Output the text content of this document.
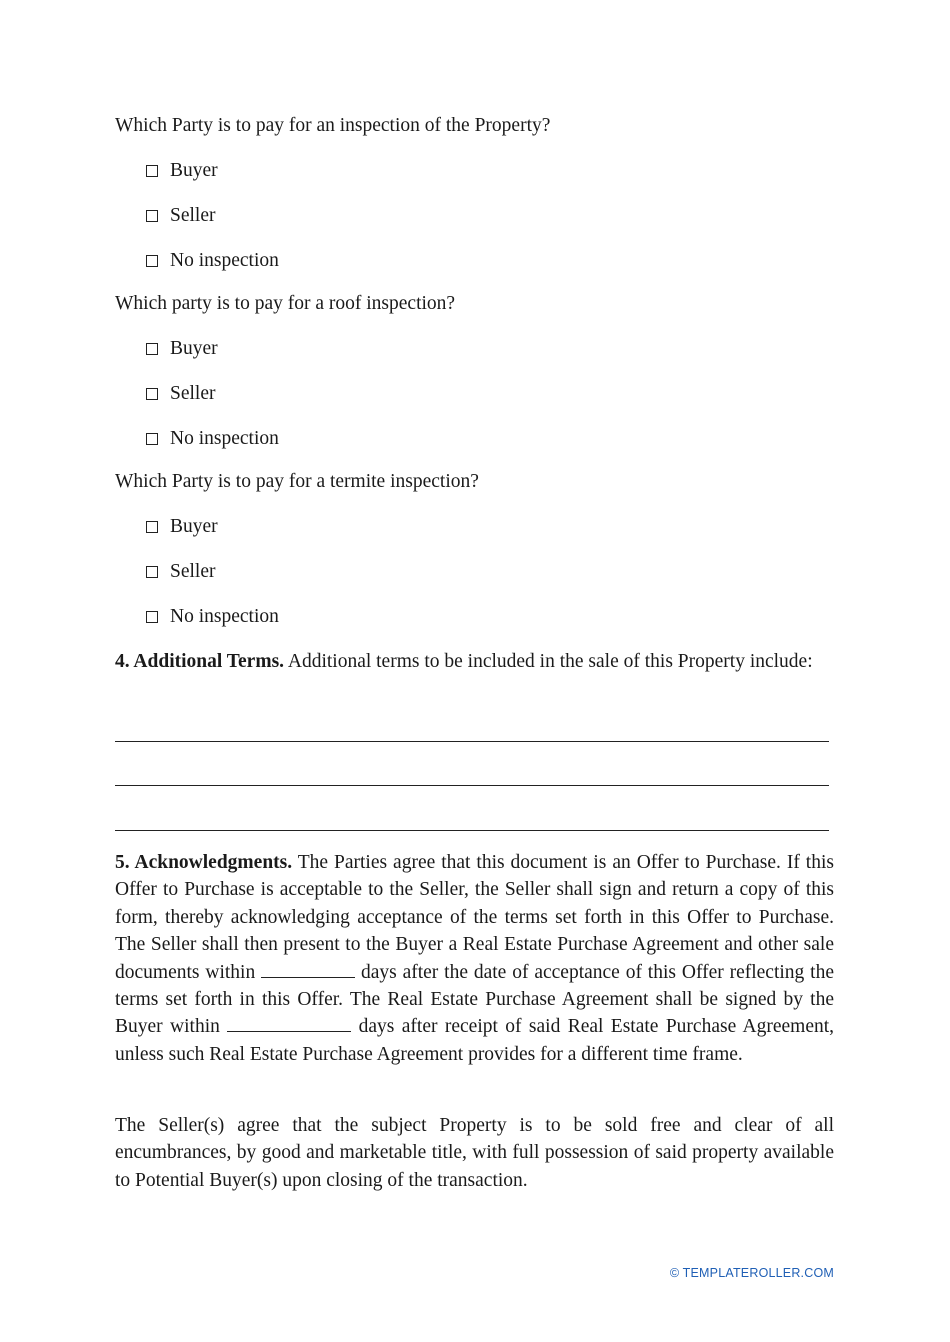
Which Party is to pay for an inspection of the Property?
Buyer
Seller
No inspection
Which party is to pay for a roof inspection?
Buyer
Seller
No inspection
Which Party is to pay for a termite inspection?
Buyer
Seller
No inspection
4. Additional Terms. Additional terms to be included in the sale of this Property include:
5. Acknowledgments. The Parties agree that this document is an Offer to Purchase. If this Offer to Purchase is acceptable to the Seller, the Seller shall sign and return a copy of this form, thereby acknowledging acceptance of the terms set forth in this Offer to Purchase. The Seller shall then present to the Buyer a Real Estate Purchase Agreement and other sale documents within	days after the date of acceptance of this Offer reflecting the terms set forth in this Offer. The Real Estate Purchase Agreement shall be signed by the Buyer within	days after receipt of said Real Estate Purchase Agreement, unless such Real Estate Purchase Agreement provides for a different time frame.
The Seller(s) agree that the subject Property is to be sold free and clear of all encumbrances, by good and marketable title, with full possession of said property available to Potential Buyer(s) upon closing of the transaction.
© TEMPLATEROLLER.COM
